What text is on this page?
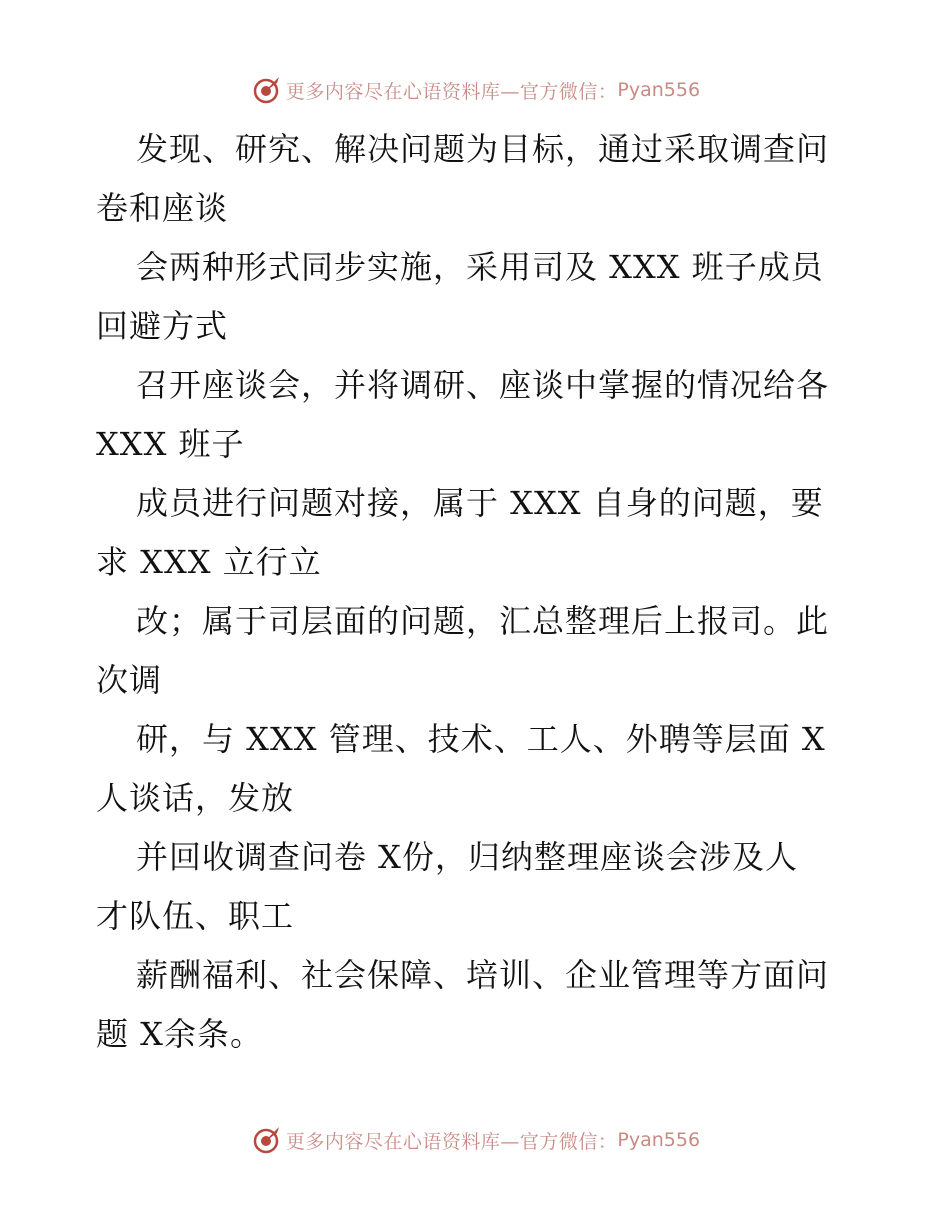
更多内容尽在心语资料库—官方微信： Pyan556
发现、研究、解决问题为目标，通过采取调查问
卷和座谈
会两种形式同步实施，采用司及 XXX 班子成员
回避方式
召开座谈会，并将调研、座谈中掌握的情况给各
XXX 班子
成员进行问题对接，属于 XXX 自身的问题，要
求 XXX 立行立
改；属于司层面的问题，汇总整理后上报司。此
次调
研，与 XXX 管理、技术、工人、外聘等层面 X
人谈话，发放
并回收调查问卷 X份，归纳整理座谈会涉及人
才队伍、职工
薪酬福利、社会保障、培训、企业管理等方面问
题 X余条。
更多内容尽在心语资料库—官方微信： Pyan556
